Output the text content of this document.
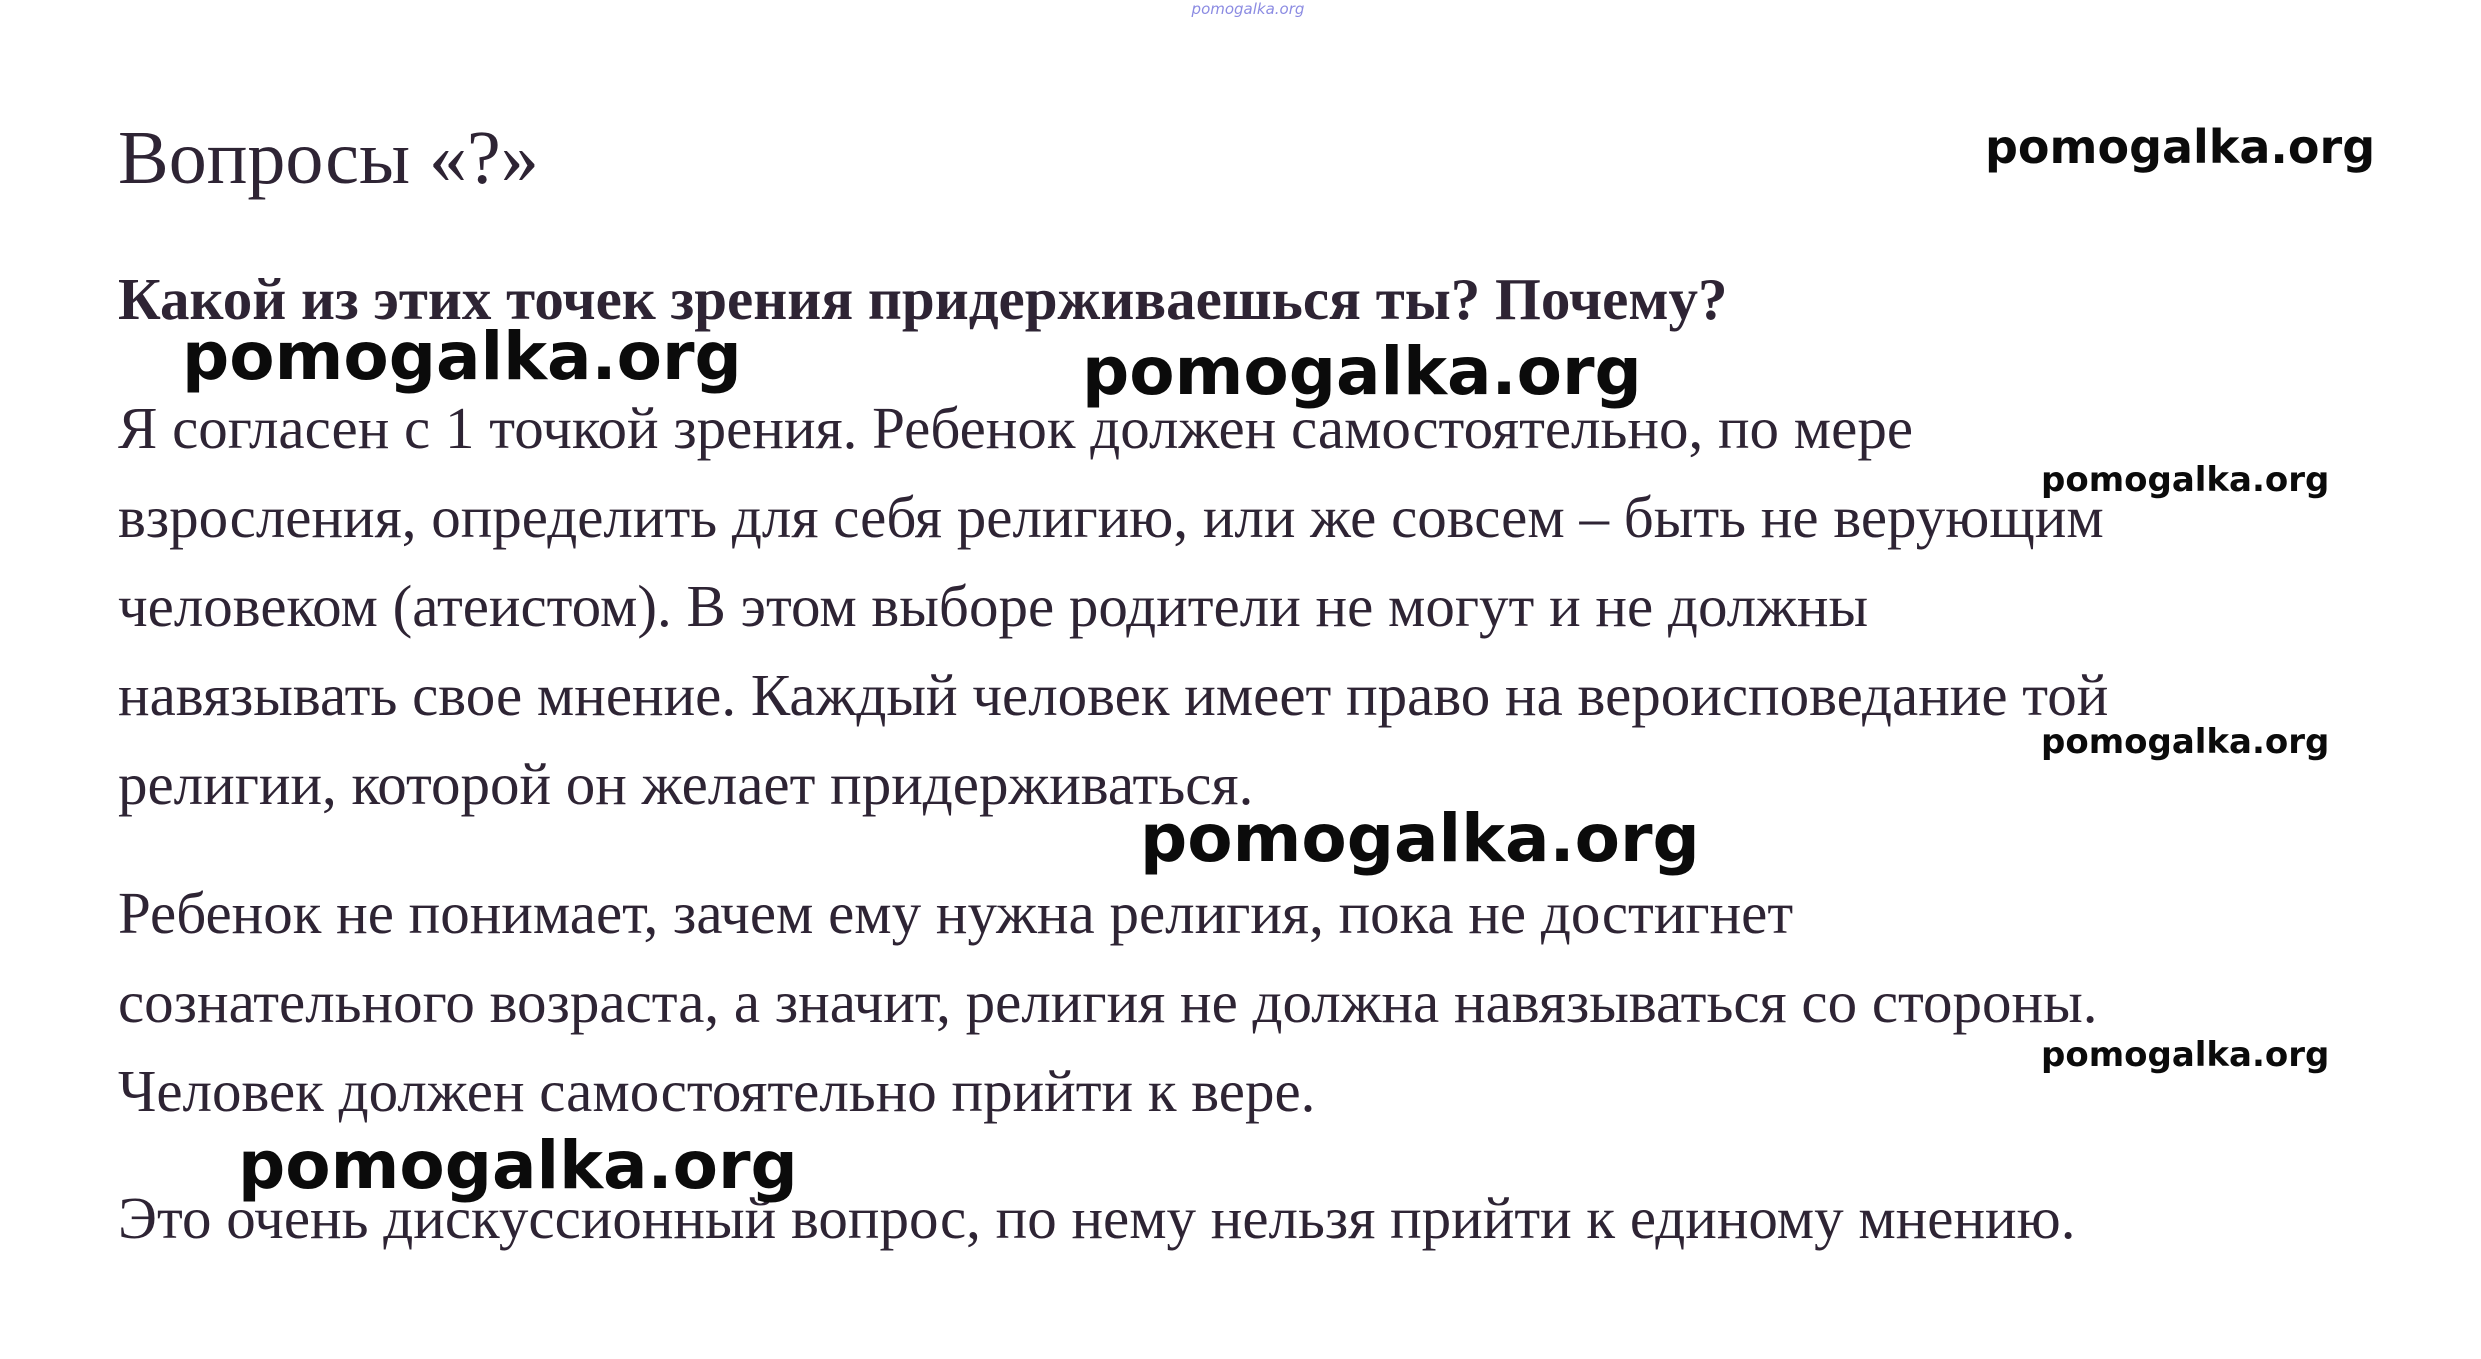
pomogalka.org

Вопросы «?»
Какой из этих точек зрения придерживаешься ты? Почему?
Я согласен с 1 точкой зрения. Ребенок должен самостоятельно, по мере
взросления, определить для себя религию, или же совсем – быть не верующим
человеком (атеистом). В этом выборе родители не могут и не должны
навязывать свое мнение. Каждый человек имеет право на вероисповедание той
религии, которой он желает придерживаться.
Ребенок не понимает, зачем ему нужна религия, пока не достигнет
сознательного возраста, а значит, религия не должна навязываться со стороны.
Человек должен самостоятельно прийти к вере.
Это очень дискуссионный вопрос, по нему нельзя прийти к единому мнению.
pomogalka.org
pomogalka.org	pomogalka.org
pomogalka.org
pomogalka.org
pomogalka.org
pomogalka.org
pomogalka.org
